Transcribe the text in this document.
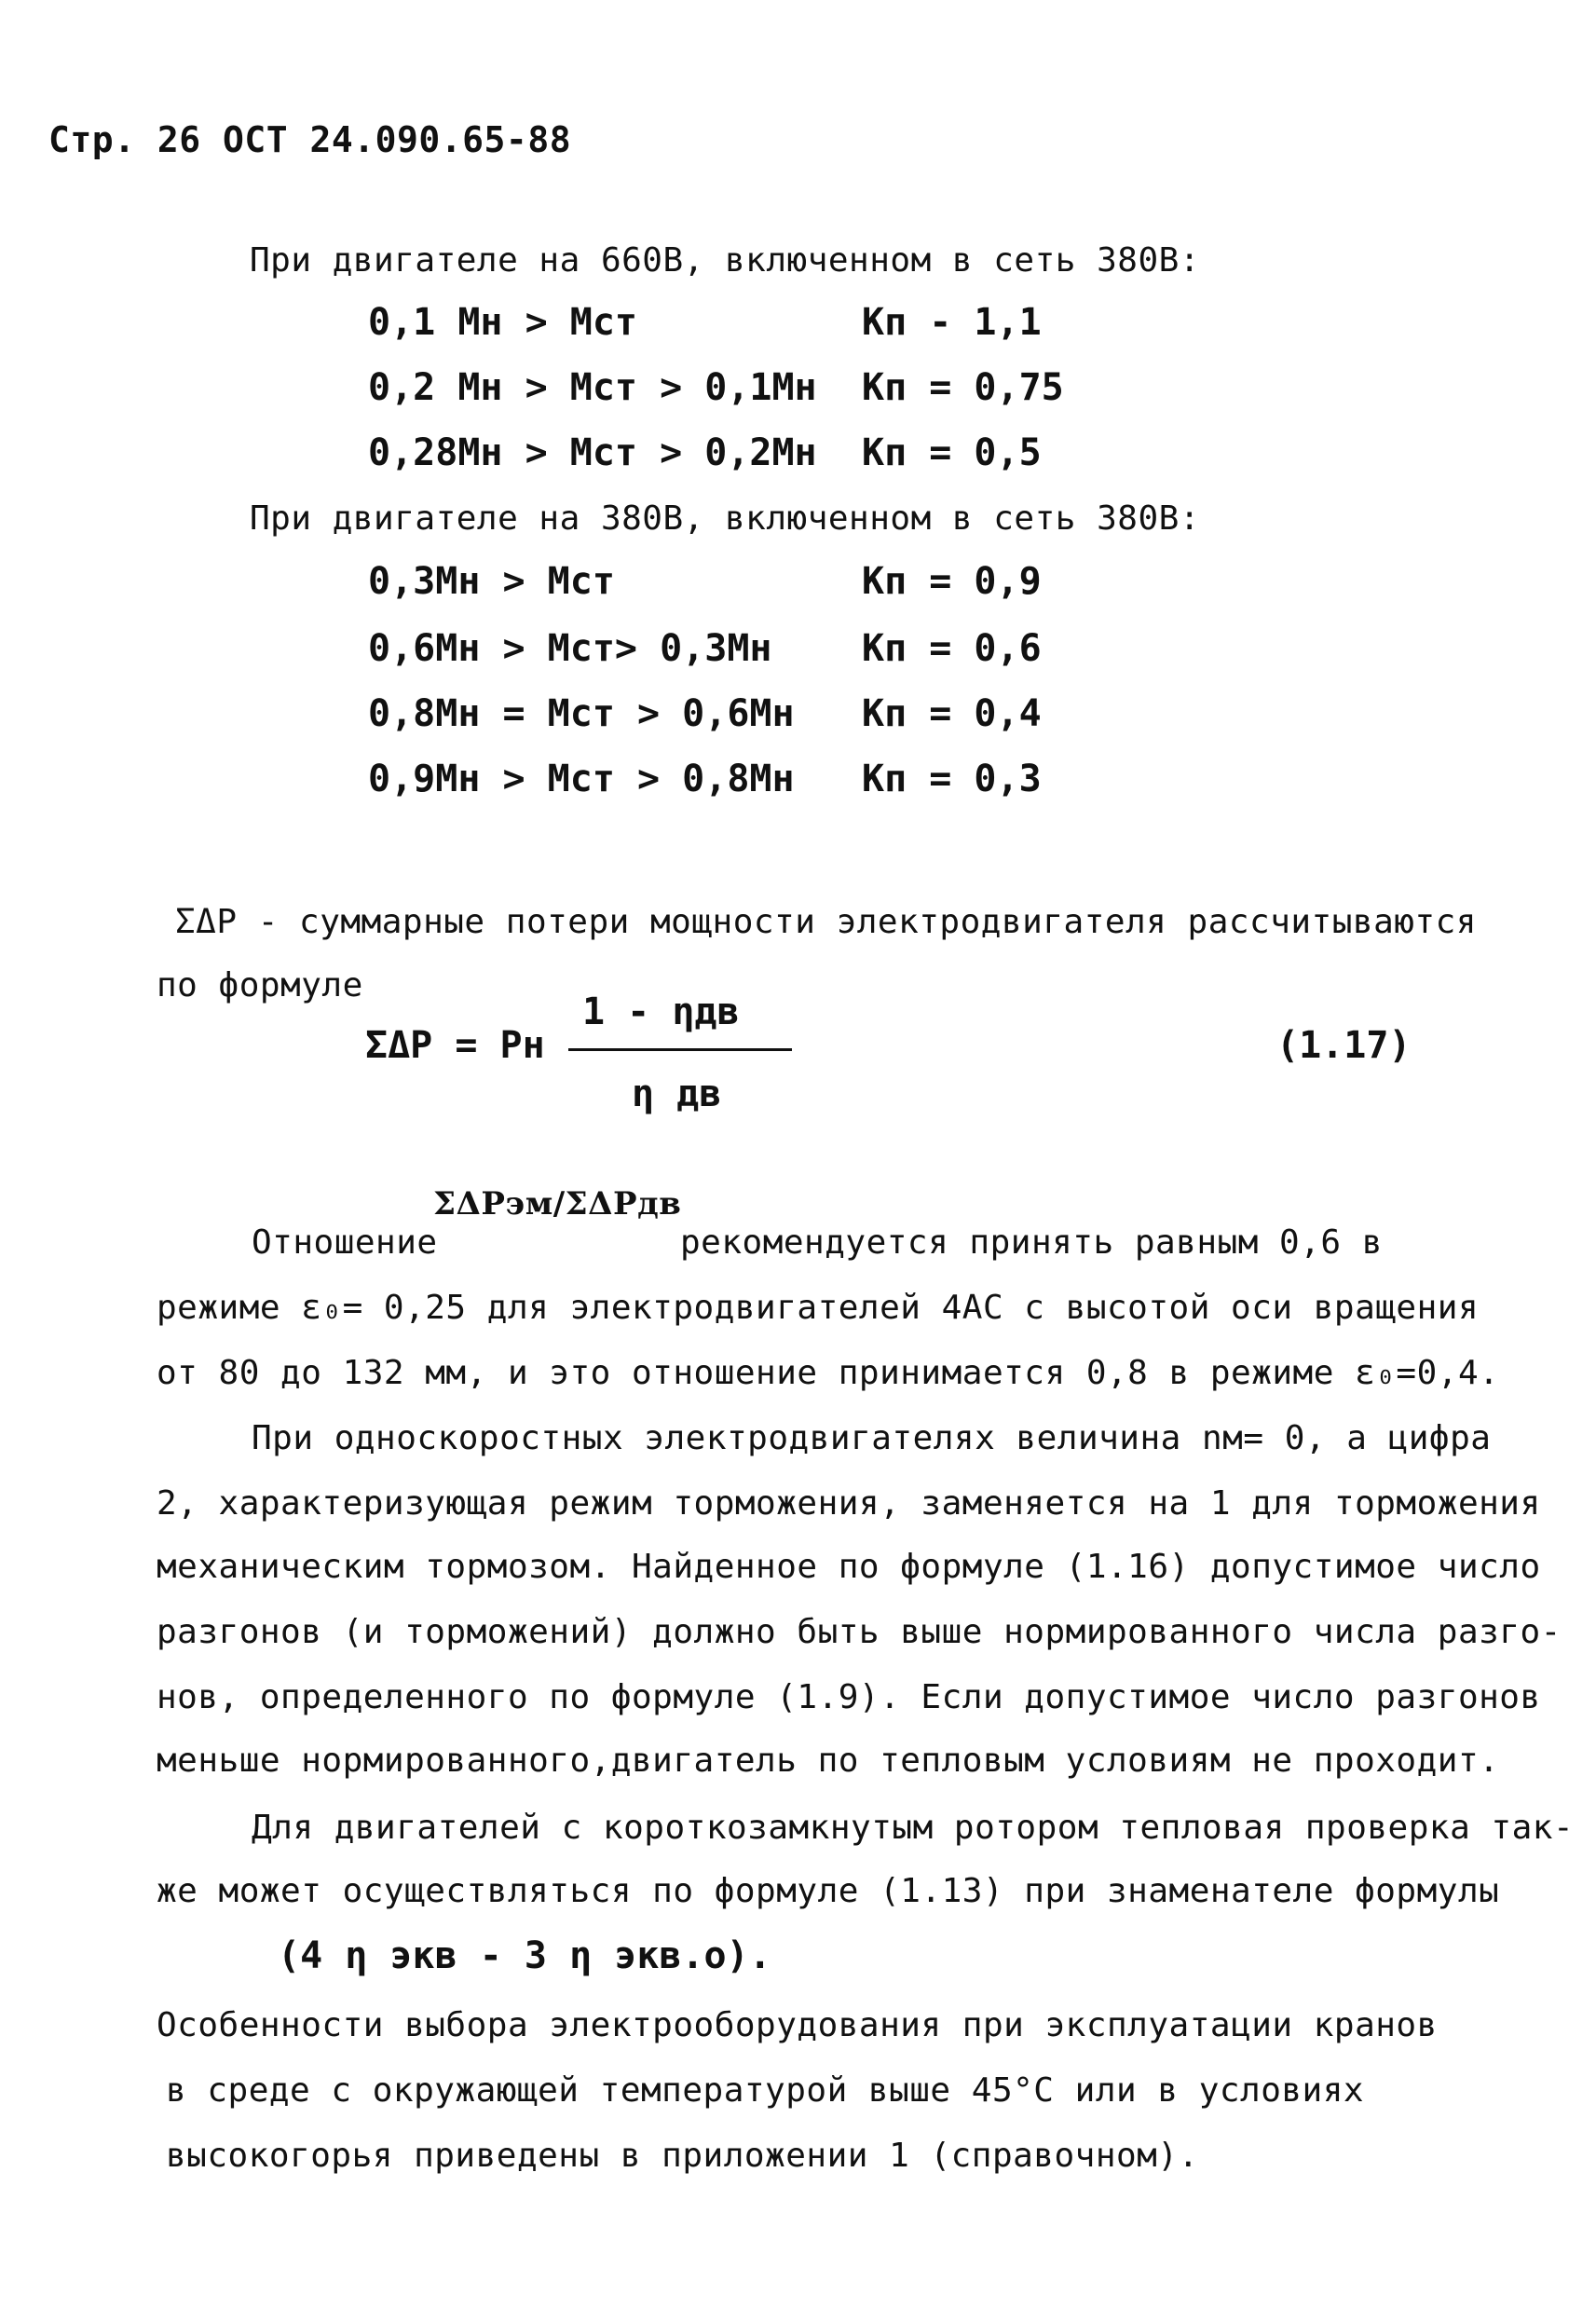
Стр. 26 ОСТ 24.090.65-88
При двигателе на 660В, включенном в сеть 380В:
0,1 Мн > Мст	Кп - 1,1
0,2 Мн > Мст > 0,1Мн Кп = 0,75
0,28Мн > Мст > 0,2Мн Кп = 0,5
При двигателе на 380В, включенном в сеть 380В:
0,3Мн > Мст	Кп = 0,9
0,6Мн > Мст> 0,3Мн Кп = 0,6
0,8Мн = Мст > 0,6Мн Кп = 0,4
0,9Мн > Мст > 0,8Мн Кп = 0,3
ΣΔР - суммарные потери мощности электродвигателя рассчитываются
по формуле
ΣΔР = Рн
1 - ηдв
η дв
(1.17)
Отношение
ΣΔРэм/ΣΔРдв
рекомендуется принять равным 0,6 в
режиме ε₀= 0,25 для электродвигателей 4АС с высотой оси вращения
от 80 до 132 мм, и это отношение принимается 0,8 в режиме ε₀=0,4.
При односкоростных электродвигателях величина nм= 0, а цифра
2, характеризующая режим торможения, заменяется на 1 для торможения
механическим тормозом. Найденное по формуле (1.16) допустимое число
разгонов (и торможений) должно быть выше нормированного числа разго-
нов, определенного по формуле (1.9). Если допустимое число разгонов
меньше нормированного,двигатель по тепловым условиям не проходит.
Для двигателей с короткозамкнутым ротором тепловая проверка так-
же может осуществляться по формуле (1.13) при знаменателе формулы
(4 η экв - 3 η экв.о).
Особенности выбора электрооборудования при эксплуатации кранов
в среде с окружающей температурой выше 45°С или в условиях
высокогорья приведены в приложении 1 (справочном).
